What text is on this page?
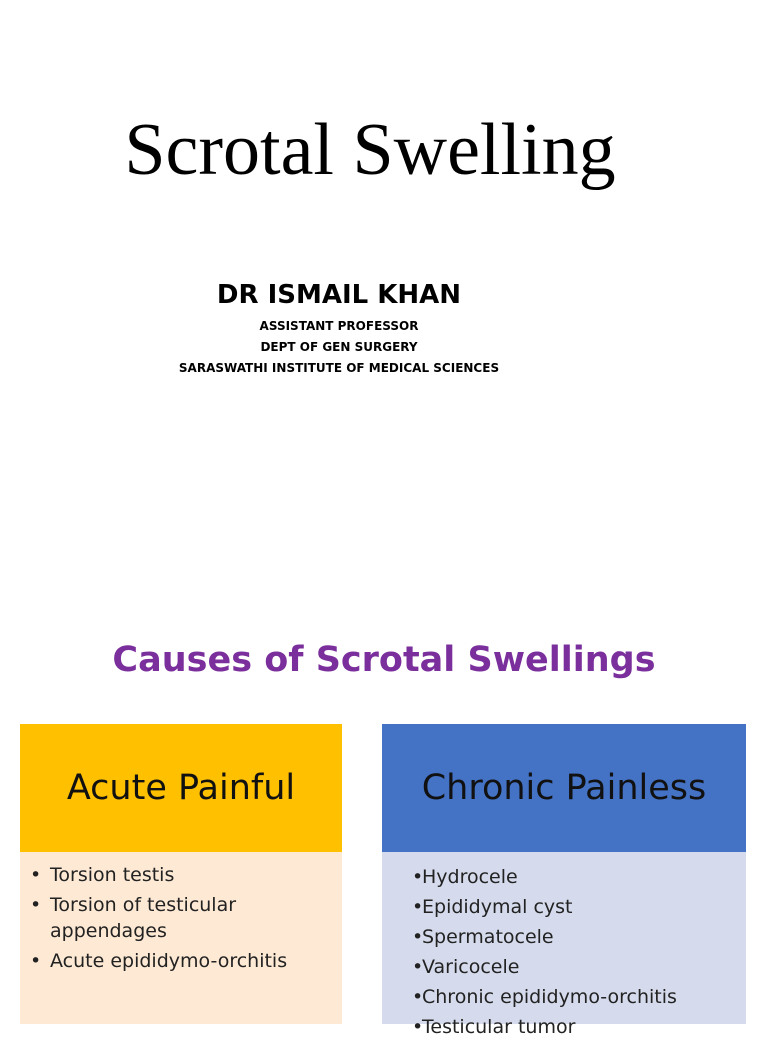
Scrotal Swelling
DR ISMAIL KHAN
ASSISTANT PROFESSOR
DEPT OF GEN SURGERY
SARASWATHI INSTITUTE OF MEDICAL SCIENCES
Causes of Scrotal Swellings
Acute Painful
• Torsion testis
• Torsion of testicular appendages
• Acute epididymo-orchitis
Chronic Painless
• Hydrocele
• Epididymal cyst
• Spermatocele
• Varicocele
• Chronic epididymo-orchitis
• Testicular tumor
